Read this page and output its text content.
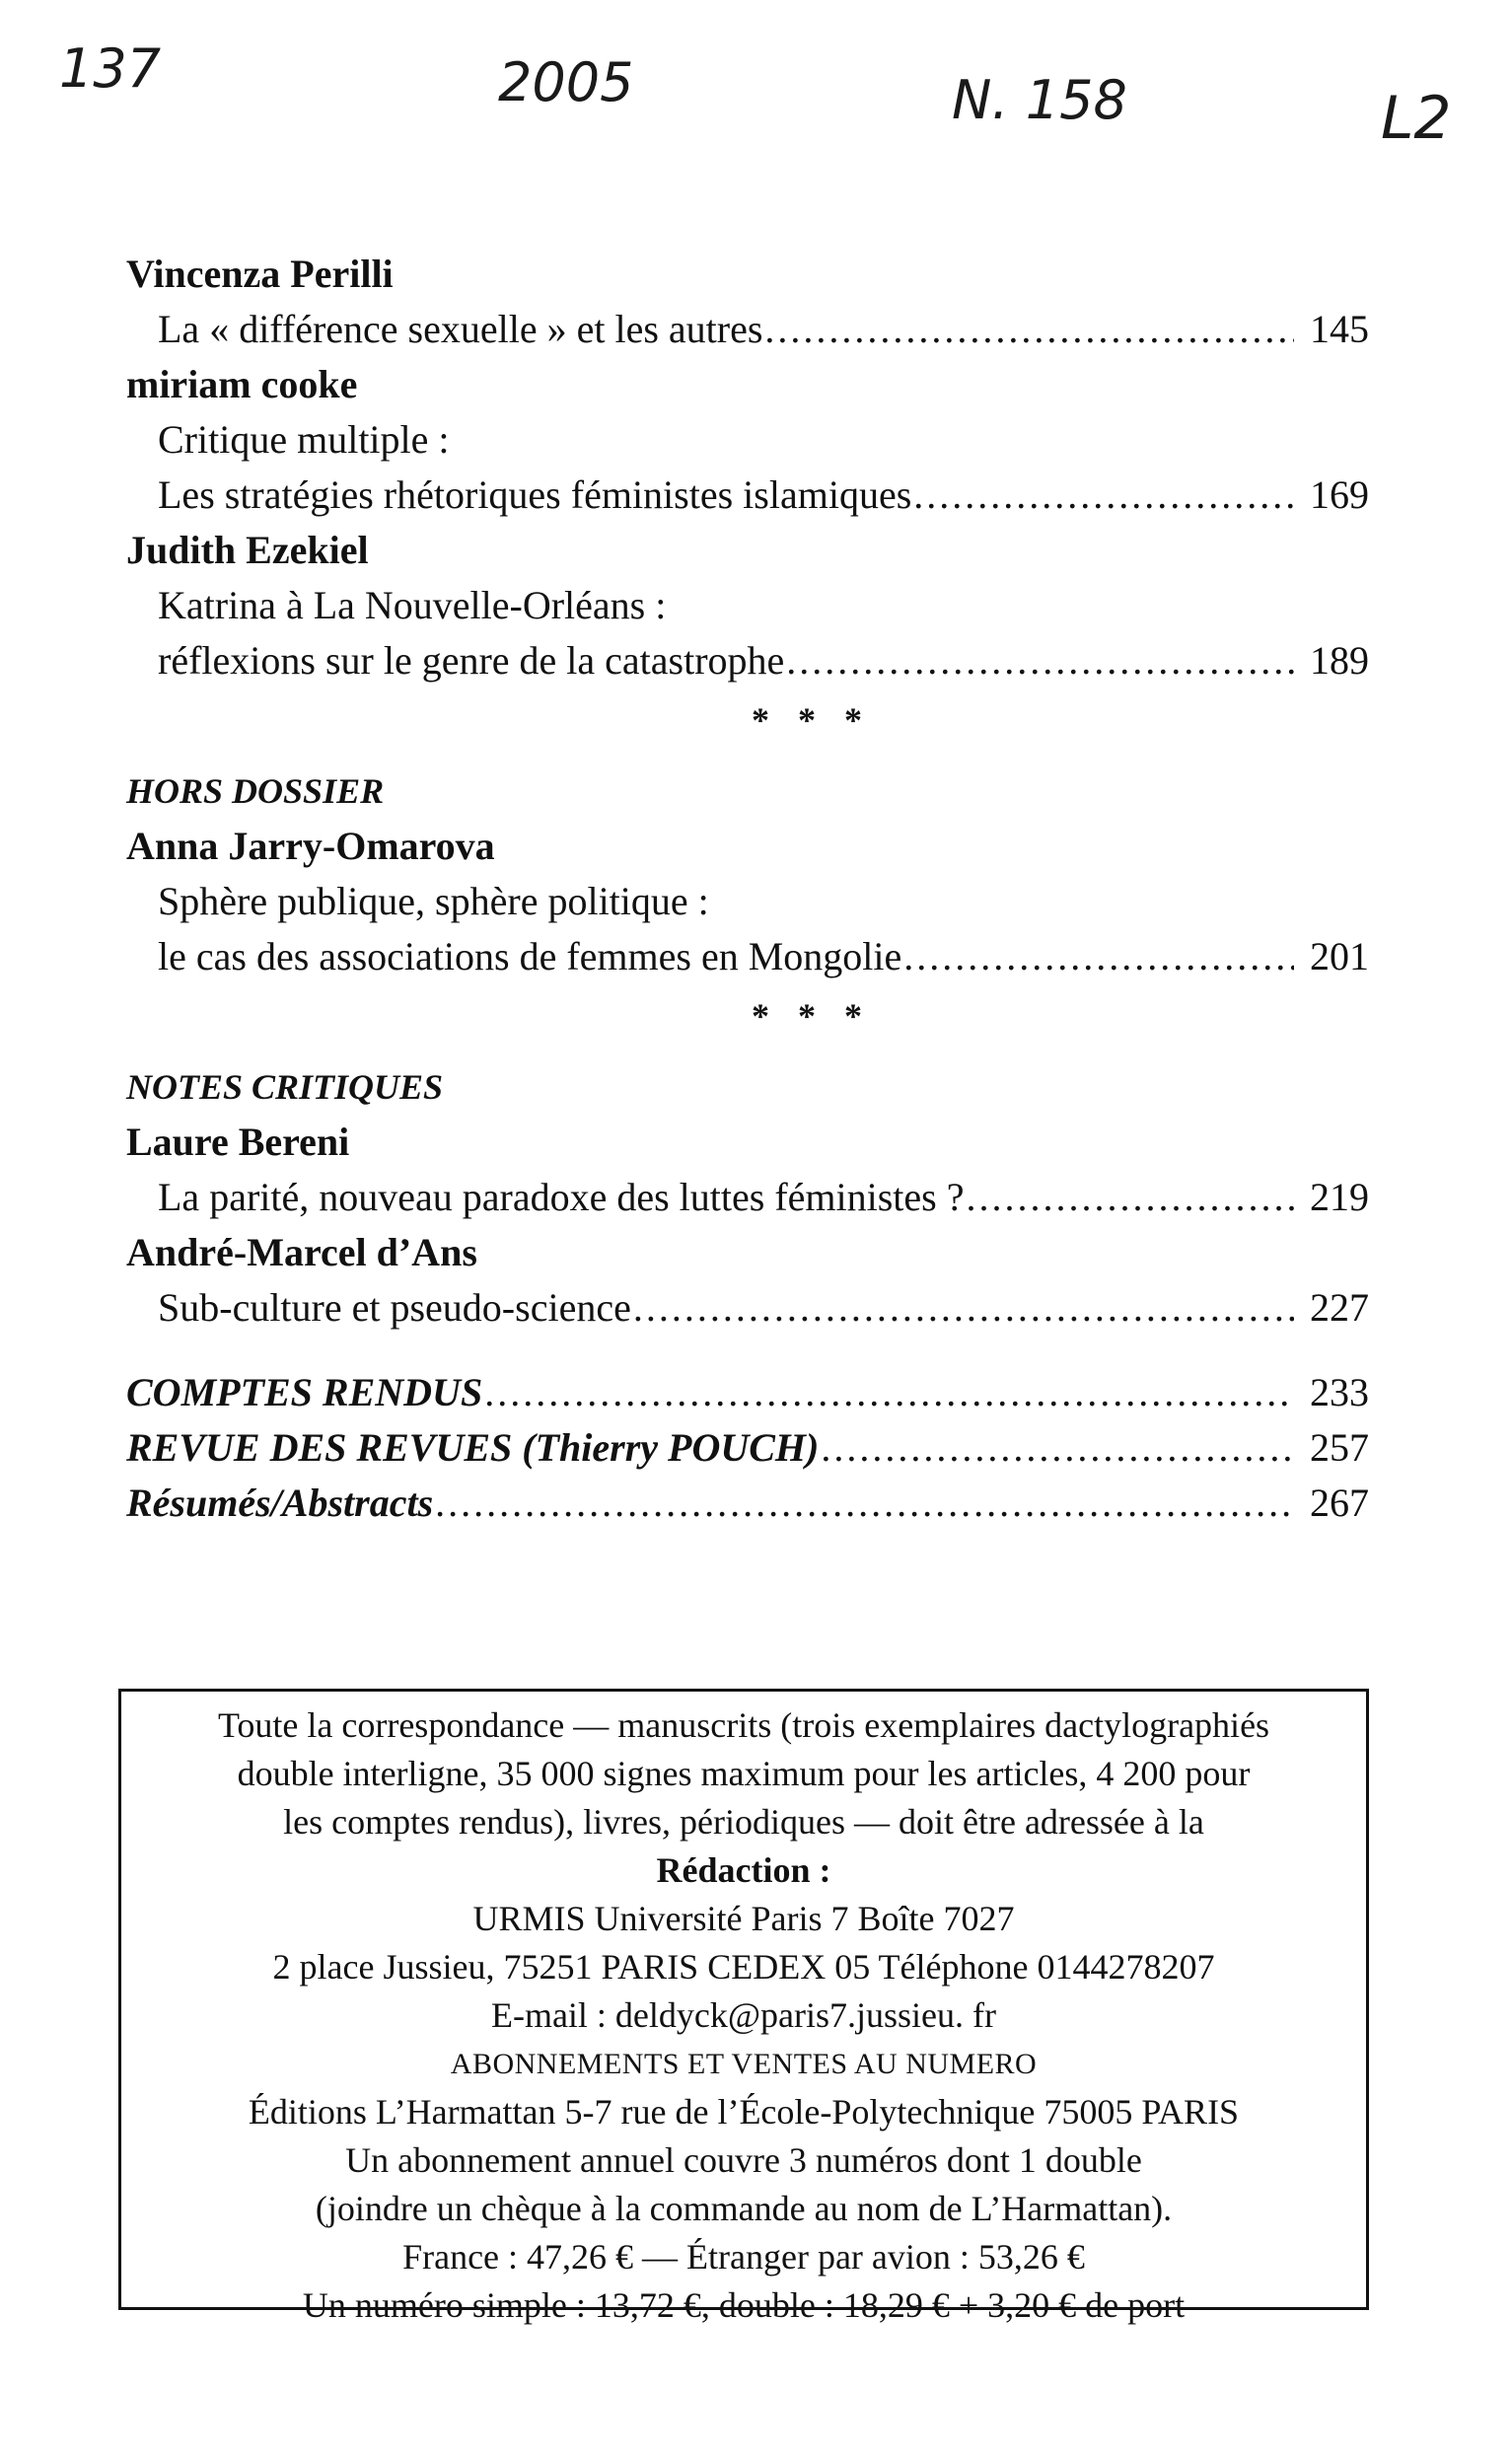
137	2005	N. 158	L2
Vincenza Perilli
La « différence sexuelle » et les autres .....	145
miriam cooke
Critique multiple :
Les stratégies rhétoriques féministes islamiques .....	169
Judith Ezekiel
Katrina à La Nouvelle-Orléans :
réflexions sur le genre de la catastrophe .....	189
* * *
HORS DOSSIER
Anna Jarry-Omarova
Sphère publique, sphère politique :
le cas des associations de femmes en Mongolie .....	201
* * *
NOTES CRITIQUES
Laure Bereni
La parité, nouveau paradoxe des luttes féministes ? .....	219
André-Marcel d’Ans
Sub-culture et pseudo-science .....	227
COMPTES RENDUS .....	233
REVUE DES REVUES (Thierry POUCH) .....	257
Résumés/Abstracts .....	267
Toute la correspondance — manuscrits (trois exemplaires dactylographiés
double interligne, 35 000 signes maximum pour les articles, 4 200 pour
les comptes rendus), livres, périodiques — doit être adressée à la
Rédaction :
URMIS Université Paris 7 Boîte 7027
2 place Jussieu, 75251 PARIS CEDEX 05 Téléphone 0144278207
E-mail : deldyck@paris7.jussieu. fr
ABONNEMENTS ET VENTES AU NUMERO
Éditions L’Harmattan 5-7 rue de l’École-Polytechnique 75005 PARIS
Un abonnement annuel couvre 3 numéros dont 1 double
(joindre un chèque à la commande au nom de L’Harmattan).
France : 47,26 € — Étranger par avion : 53,26 €
Un numéro simple : 13,72 €, double : 18,29 € + 3,20 € de port
